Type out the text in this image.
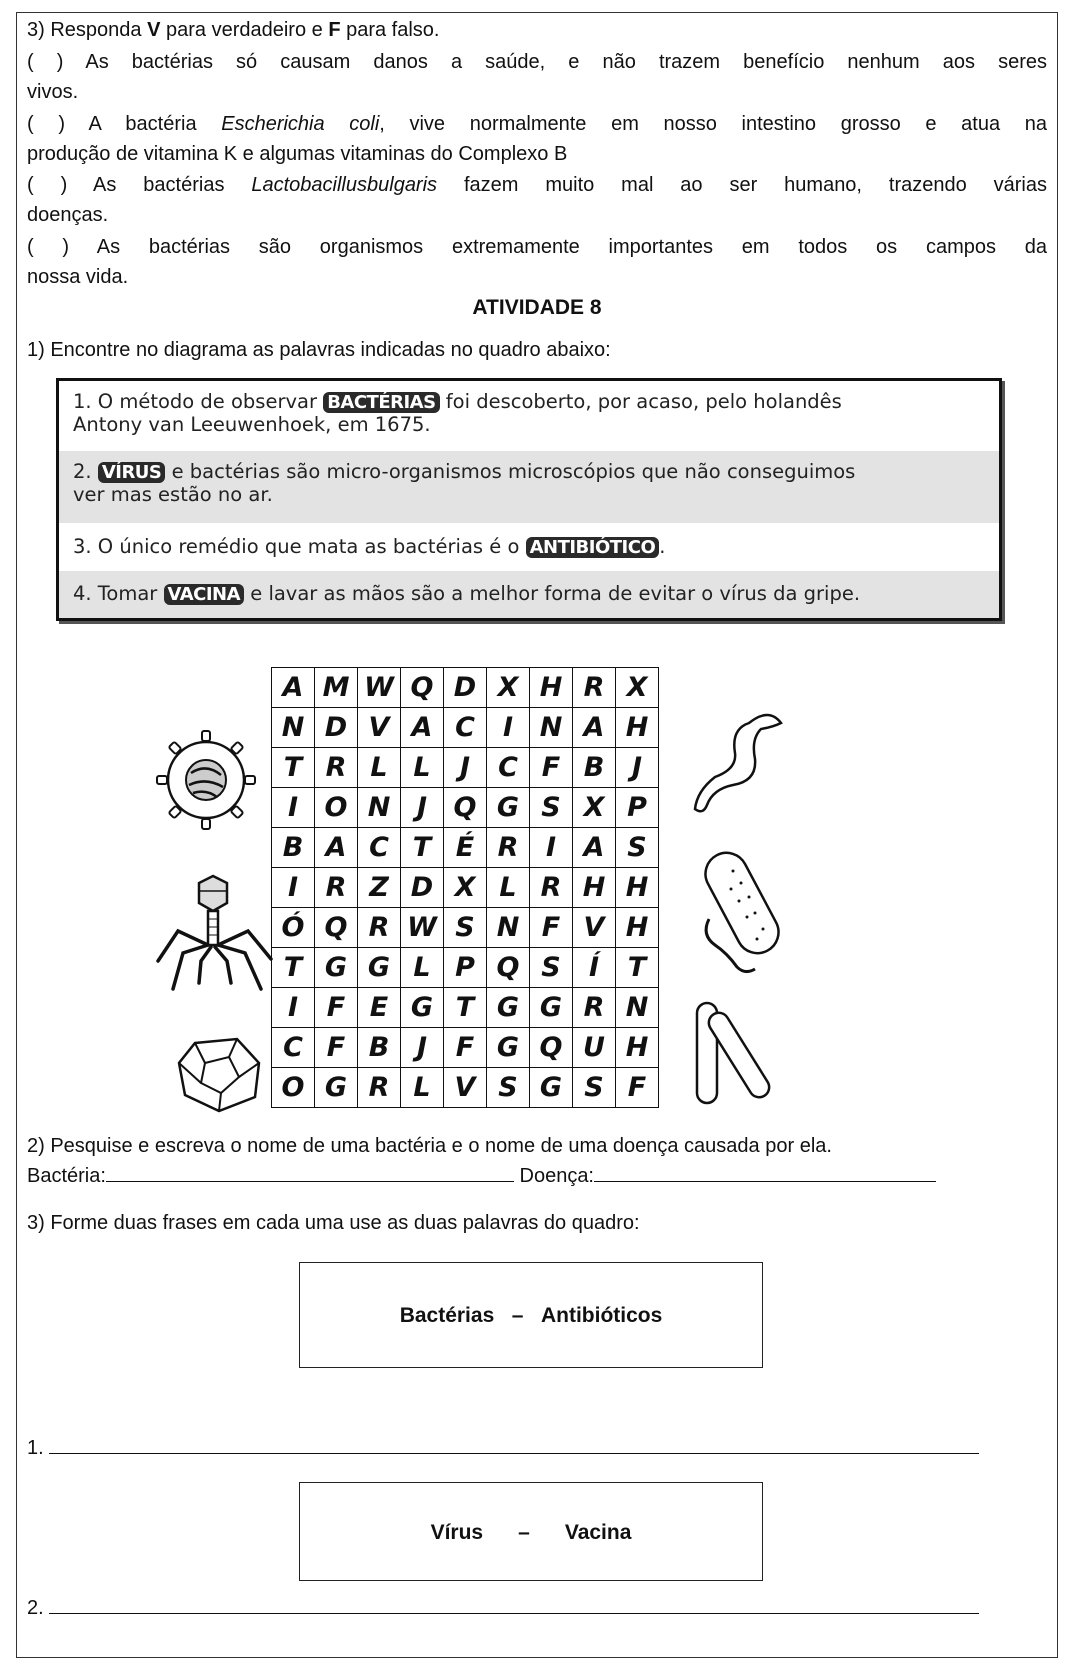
3) Responda V para verdadeiro e F para falso.
( ) As bactérias só causam danos a saúde, e não trazem benefício nenhum aos seres
vivos.
( ) A bactéria Escherichia coli, vive normalmente em nosso intestino grosso e atua na
produção de vitamina K e algumas vitaminas do Complexo B
( ) As bactérias Lactobacillusbulgaris fazem muito mal ao ser humano, trazendo várias
doenças.
( ) As bactérias são organismos extremamente importantes em todos os campos da
nossa vida.
ATIVIDADE 8
1) Encontre no diagrama as palavras indicadas no quadro abaixo:
1. O método de observar BACTÉRIAS foi descoberto, por acaso, pelo holandês
Antony van Leeuwenhoek, em 1675.
2. VÍRUS e bactérias são micro-organismos microscópios que não conseguimos
ver mas estão no ar.
3. O único remédio que mata as bactérias é o ANTIBIÓTICO .
4. Tomar VACINA e lavar as mãos são a melhor forma de evitar o vírus da gripe.
A	M	W	Q	D	X	H	R	X
N	D	V	A	C	I	N	A	H
T	R	L	L	J	C	F	B	J
I	O	N	J	Q	G	S	X	P
B	A	C	T	É	R	I	A	S
I	R	Z	D	X	L	R	H	H
Ó	Q	R	W	S	N	F	V	H
T	G	G	L	P	Q	S	Í	T
I	F	E	G	T	G	G	R	N
C	F	B	J	F	G	Q	U	H
O	G	R	L	V	S	G	S	F
2) Pesquise e escreva o nome de uma bactéria e o nome de uma doença causada por ela.
Bactéria:	Doença:
3) Forme duas frases em cada uma use as duas palavras do quadro:
Bactérias – Antibióticos
1.
Vírus – Vacina
2.
